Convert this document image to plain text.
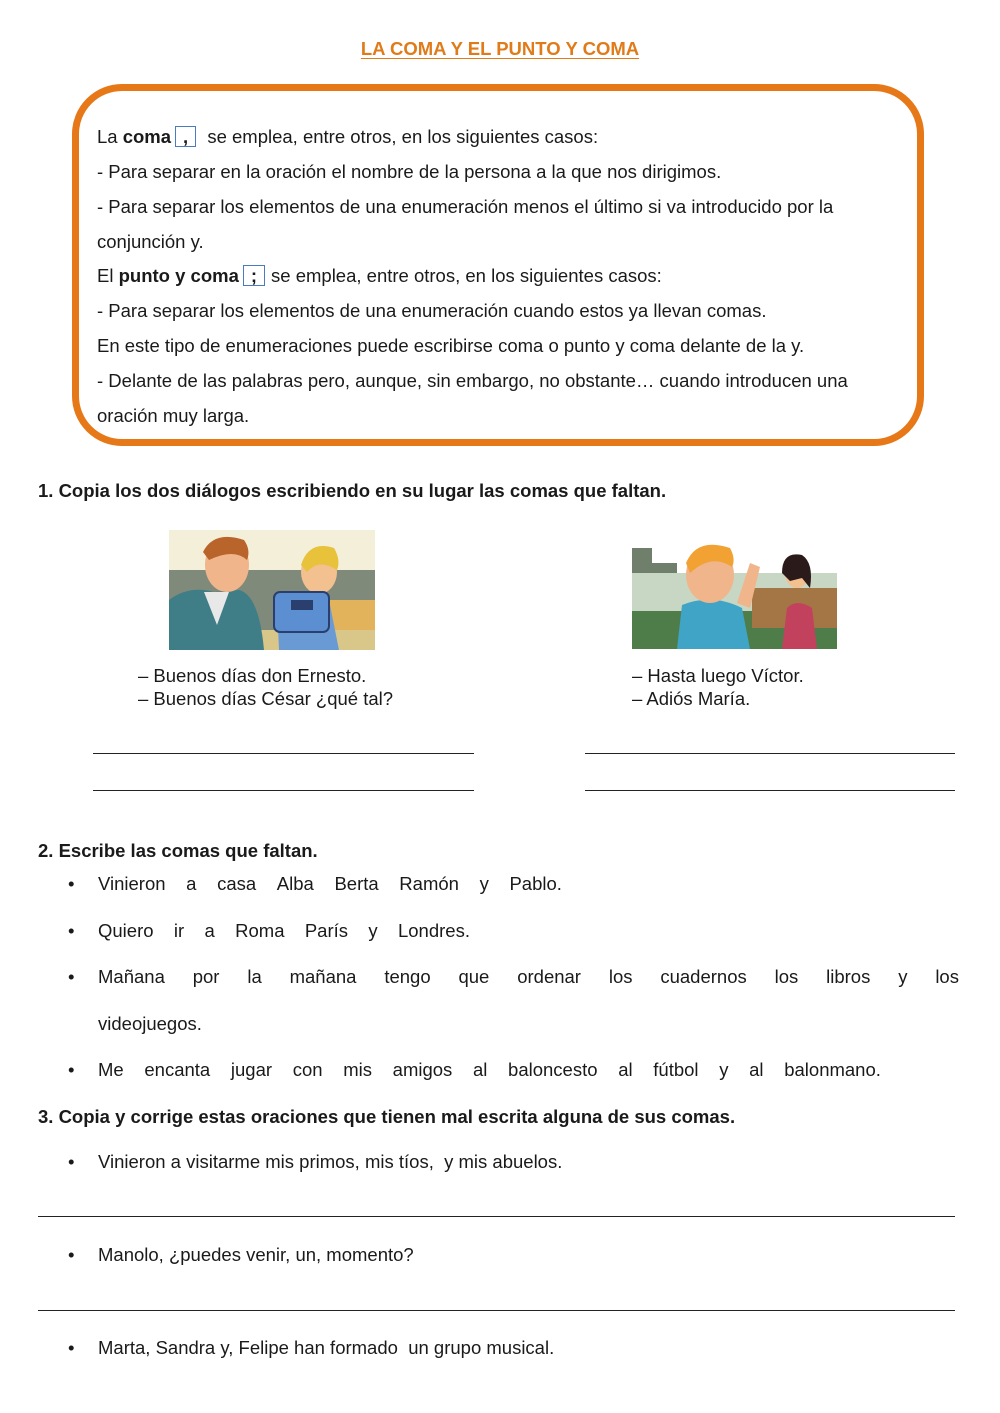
LA COMA Y EL PUNTO Y COMA
La coma , se emplea, entre otros, en los siguientes casos:
- Para separar en la oración el nombre de la persona a la que nos dirigimos.
- Para separar los elementos de una enumeración menos el último si va introducido por la
conjunción y.
El punto y coma ; se emplea, entre otros, en los siguientes casos:
- Para separar los elementos de una enumeración cuando estos ya llevan comas.
En este tipo de enumeraciones puede escribirse coma o punto y coma delante de la y.
- Delante de las palabras pero, aunque, sin embargo, no obstante… cuando introducen una
oración muy larga.
1. Copia los dos diálogos escribiendo en su lugar las comas que faltan.
– Buenos días don Ernesto.
– Buenos días César ¿qué tal?
– Hasta luego Víctor.
– Adiós María.
2. Escribe las comas que faltan.
• Vinieron a casa Alba Berta Ramón y Pablo.
• Quiero ir a Roma París y Londres.
• Mañana por la mañana tengo que ordenar los cuadernos los libros y los
videojuegos.
• Me encanta jugar con mis amigos al baloncesto al fútbol y al balonmano.
3. Copia y corrige estas oraciones que tienen mal escrita alguna de sus comas.
• Vinieron a visitarme mis primos, mis tíos,  y mis abuelos.
• Manolo, ¿puedes venir, un, momento?
• Marta, Sandra y, Felipe han formado  un grupo musical.
